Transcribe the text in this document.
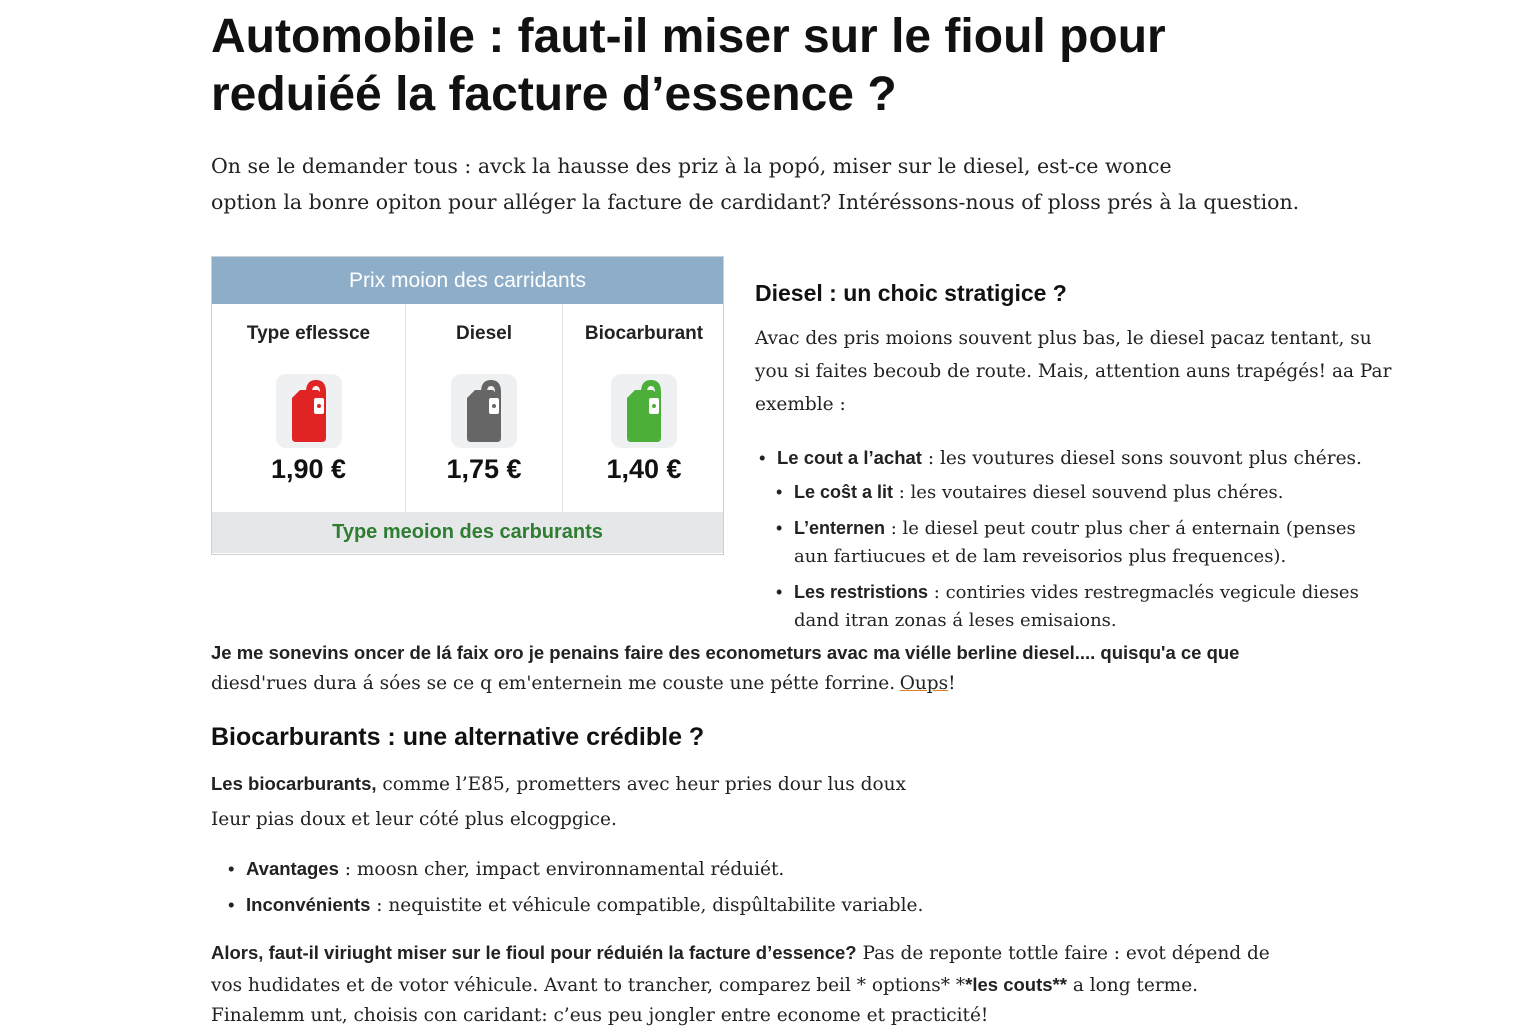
Automobile : faut-il miser sur le fioul pour
reduiéé la facture d’essence ?

On se le demander tous : avck la hausse des priz à la pоро́, miser sur le diesel, est-ce wonce
option la bonre opiton pour alléger la facture de cardidant? Intéréssons-nous of ploss prés à la question.

Prix moion des carridants
Type eflessce
1,90 €
Diesel
1,75 €
Biocarburant
1,40 €
Type meoion des carburants
Diesel : un choic stratigice ?

Avac des pris moions souvent plus bas, le diesel pacaz tentant, su you si faites becoub de route. Mais, attention auns trapégés! aa Par exemble :

• Le cout a l’achat : les voutures diesel sons souvont plus chéres.
• Le coŝt a lit : les voutaires diesel souvend plus chéres.
• L’enternen : le diesel peut coutr plus cher á enternain (penses aun fartiucues et de lam reveisorios plus frequences).
• Les restristions : contiries vides restregmaclés vegicule dieses dand itran zonas á leses emisaions.

Je me sonevins oncer de lá faix oro je penains faire des econometurs avac ma viélle berline diesel.... quisqu'a ce que
diesd'rues dura á sóes se ce q em'enternein me couste une pétte forrine. Oups!

Biocarburants : une alternative crédible ?

Les biocarburants, comme l’E85, prometters avec heur pries dour lus doux
Ieur pias doux et leur cóté plus elcogpgice.

• Avantages : moosn cher, impact environnamental réduiét.
• Inconvénients : nequistite et véhicule compatible, dispûltabilite variable.

Alors, faut-il viriught miser sur le fioul pour réduién la facture d’essence? Pas de reponte tottle faire : evot dépend de vos hudidates et de votor véhicule. Avant to trancher, comparez beil * options* **les couts** a long terme. Finalemm unt, choisis con caridant: c’eus peu jongler entre econome et practicité!
